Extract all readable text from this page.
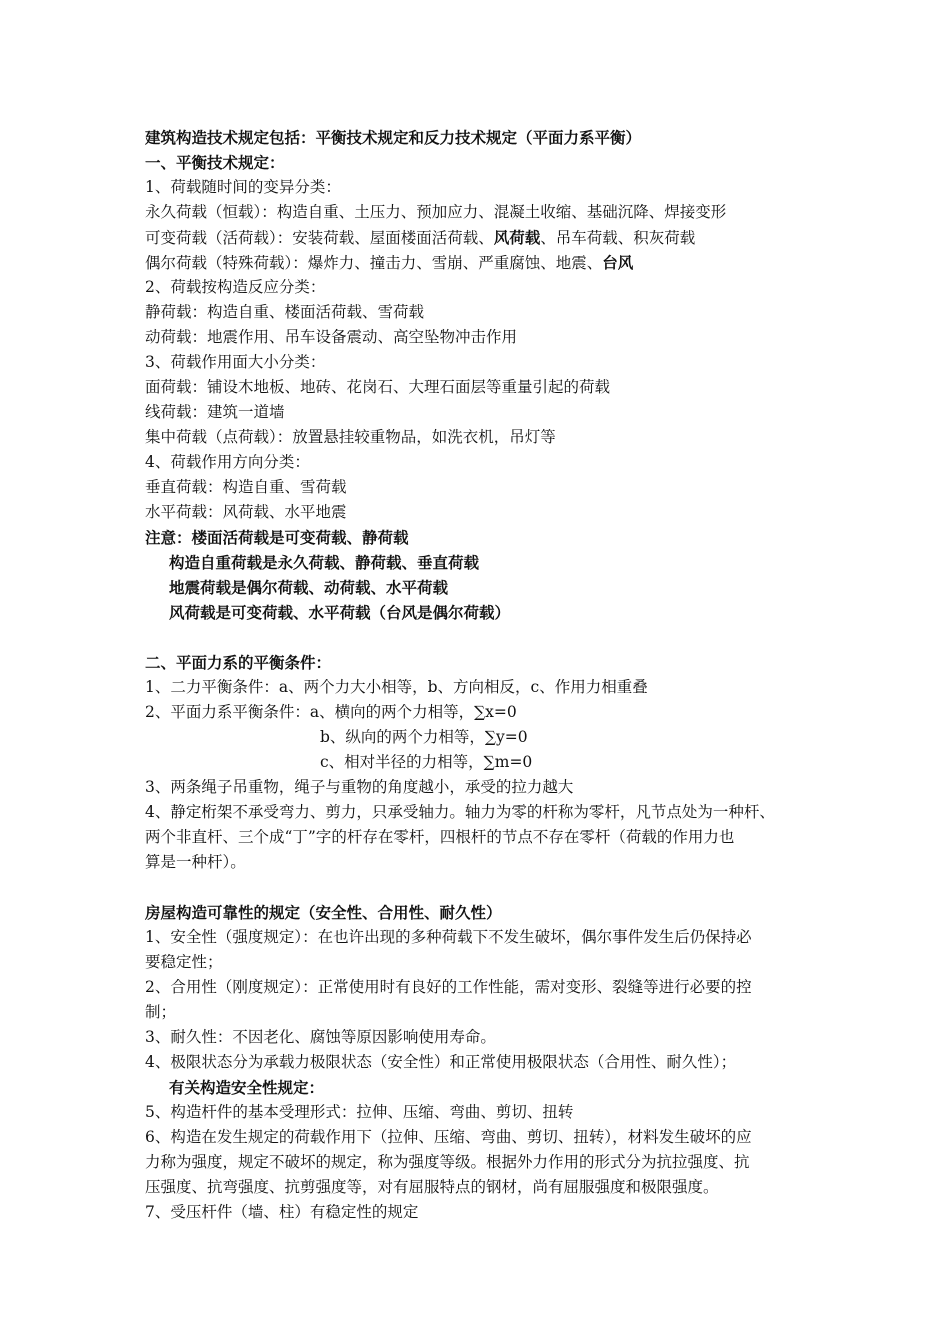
建筑构造技术规定包括：平衡技术规定和反力技术规定（平面力系平衡）
一、平衡技术规定：
1、荷载随时间的变异分类：
永久荷载（恒载）：构造自重、土压力、预加应力、混凝土收缩、基础沉降、焊接变形
可变荷载（活荷载）：安装荷载、屋面楼面活荷载、风荷载、吊车荷载、积灰荷载
偶尔荷载（特殊荷载）：爆炸力、撞击力、雪崩、严重腐蚀、地震、台风
2、荷载按构造反应分类：
静荷载：构造自重、楼面活荷载、雪荷载
动荷载：地震作用、吊车设备震动、高空坠物冲击作用
3、荷载作用面大小分类：
面荷载：铺设木地板、地砖、花岗石、大理石面层等重量引起的荷载
线荷载：建筑一道墙
集中荷载（点荷载）：放置悬挂较重物品，如洗衣机，吊灯等
4、荷载作用方向分类：
垂直荷载：构造自重、雪荷载
水平荷载：风荷载、水平地震
注意：楼面活荷载是可变荷载、静荷载
构造自重荷载是永久荷载、静荷载、垂直荷载
地震荷载是偶尔荷载、动荷载、水平荷载
风荷载是可变荷载、水平荷载（台风是偶尔荷载）
二、平面力系的平衡条件：
1、二力平衡条件：a、两个力大小相等，b、方向相反，c、作用力相重叠
2、平面力系平衡条件：a、横向的两个力相等，∑x=0
b、纵向的两个力相等，∑y=0
c、相对半径的力相等，∑m=0
3、两条绳子吊重物，绳子与重物的角度越小，承受的拉力越大
4、静定桁架不承受弯力、剪力，只承受轴力。轴力为零的杆称为零杆，凡节点处为一种杆、
两个非直杆、三个成“丁”字的杆存在零杆，四根杆的节点不存在零杆（荷载的作用力也
算是一种杆）。
房屋构造可靠性的规定（安全性、合用性、耐久性）
1、安全性（强度规定）：在也许出现的多种荷载下不发生破坏，偶尔事件发生后仍保持必
要稳定性；
2、合用性（刚度规定）：正常使用时有良好的工作性能，需对变形、裂缝等进行必要的控
制；
3、耐久性：不因老化、腐蚀等原因影响使用寿命。
4、极限状态分为承载力极限状态（安全性）和正常使用极限状态（合用性、耐久性）；
有关构造安全性规定：
5、构造杆件的基本受理形式：拉伸、压缩、弯曲、剪切、扭转
6、构造在发生规定的荷载作用下（拉伸、压缩、弯曲、剪切、扭转），材料发生破坏的应
力称为强度，规定不破坏的规定，称为强度等级。根据外力作用的形式分为抗拉强度、抗
压强度、抗弯强度、抗剪强度等，对有屈服特点的钢材，尚有屈服强度和极限强度。
7、受压杆件（墙、柱）有稳定性的规定
